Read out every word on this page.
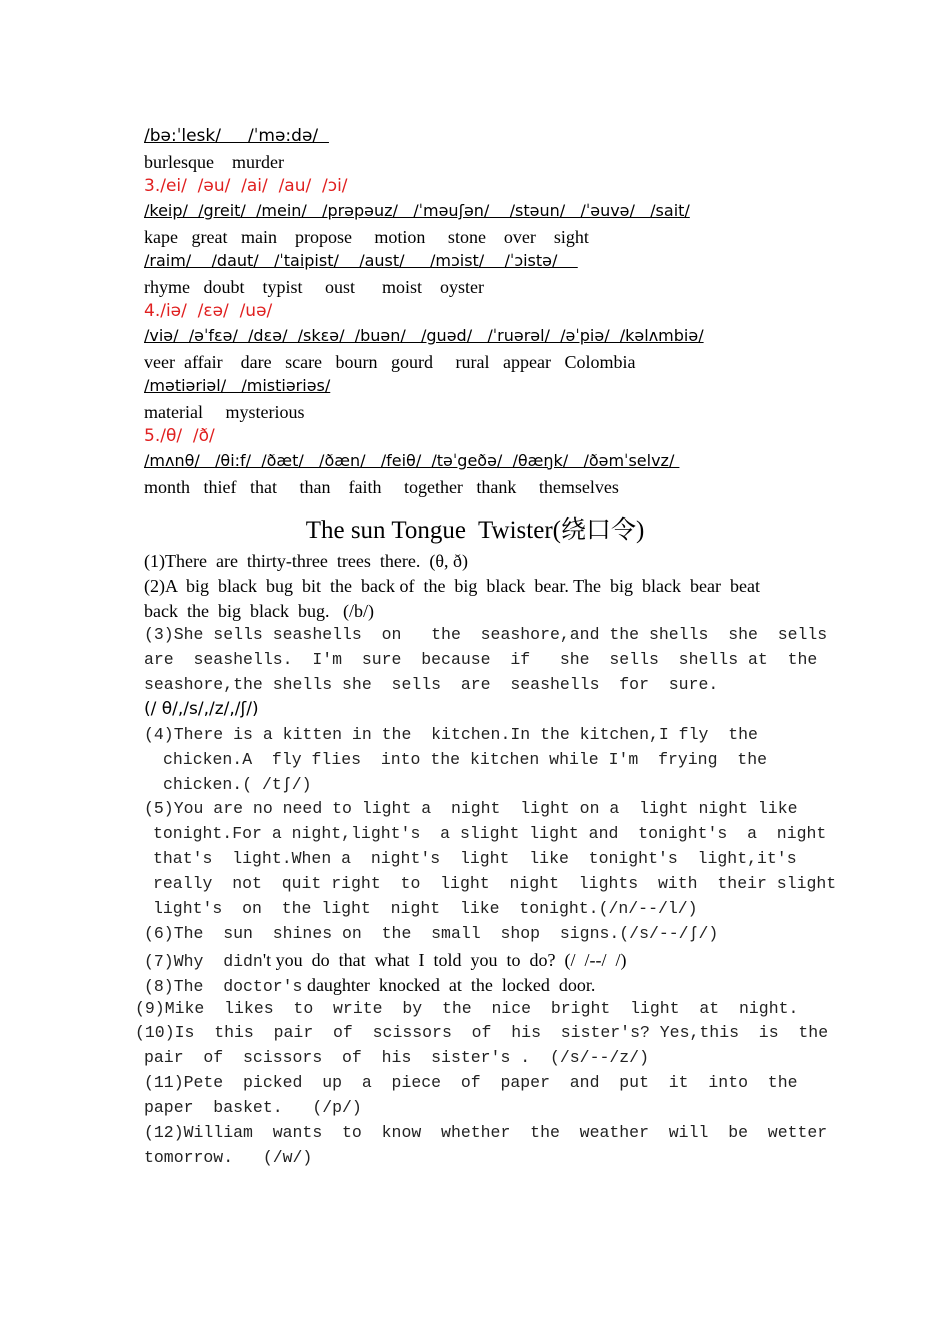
/bə:ˈlesk/     /ˈmə:də/
burlesque    murder
3./ei/  /əu/  /ai/  /au/  /ɔi/
/keip/  /greit/  /mein/   /prəpəuz/   /ˈməuʃən/    /stəun/   /ˈəuvə/   /sait/
kape   great   main    propose     motion     stone    over    sight
/raim/    /daut/   /ˈtaipist/    /aust/     /mɔist/    /ˈɔistə/
rhyme   doubt    typist     oust      moist    oyster
4./iə/  /ɛə/  /uə/
/viə/  /əˈfɛə/  /dɛə/  /skɛə/  /buən/   /guəd/   /ˈruərəl/  /əˈpiə/  /kəlʌmbiə/
veer  affair    dare   scare   bourn   gourd     rural   appear   Colombia
/mətiəriəl/   /mistiəriəs/
material     mysterious
5./θ/  /ð/
/mʌnθ/   /θi:f/  /ðæt/   /ðæn/   /feiθ/  /təˈgeðə/  /θæŋk/   /ðəmˈselvz/
month   thief   that     than    faith     together   thank     themselves
The sun Tongue  Twister(绕口令)
(1)There  are  thirty-three  trees  there.  (θ, ð)
(2)A  big  black  bug  bit  the  back of  the  big  black  bear. The  big  black  bear  beat
back  the  big  black  bug.   (/b/)
(3)She sells seashells  on   the  seashore,and the shells  she  sells
are  seashells.  I'm  sure  because  if   she  sells  shells at  the
seashore,the shells she  sells  are  seashells  for  sure.
(/ θ/,/s/,/z/,/ʃ/)
(4)There is a kitten in the  kitchen.In the kitchen,I fly  the
chicken.A  fly flies  into the kitchen while I'm  frying  the
chicken.( /tʃ/)
(5)You are no need to light a  night  light on a  light night like
tonight.For a night,light's  a slight light and  tonight's  a  night
that's  light.When a  night's  light  like  tonight's  light,it's
really  not  quit right  to  light  night  lights  with  their slight
light's  on  the light  night  like  tonight.(/n/--/l/)
(6)The  sun  shines on  the  small  shop  signs.(/s/--/ʃ/)
(7)Why  didn't you  do  that  what  I  told  you  to  do?  (/  /--/  /)
(8)The  doctor's daughter  knocked  at  the  locked  door.
(9)Mike  likes  to  write  by  the  nice  bright  light  at  night.
(10)Is  this  pair  of  scissors  of  his  sister's? Yes,this  is  the
pair  of  scissors  of  his  sister's .  (/s/--/z/)
(11)Pete  picked  up  a  piece  of  paper  and  put  it  into  the
paper  basket.   (/p/)
(12)William  wants  to  know  whether  the  weather  will  be  wetter
tomorrow.   (/w/)
